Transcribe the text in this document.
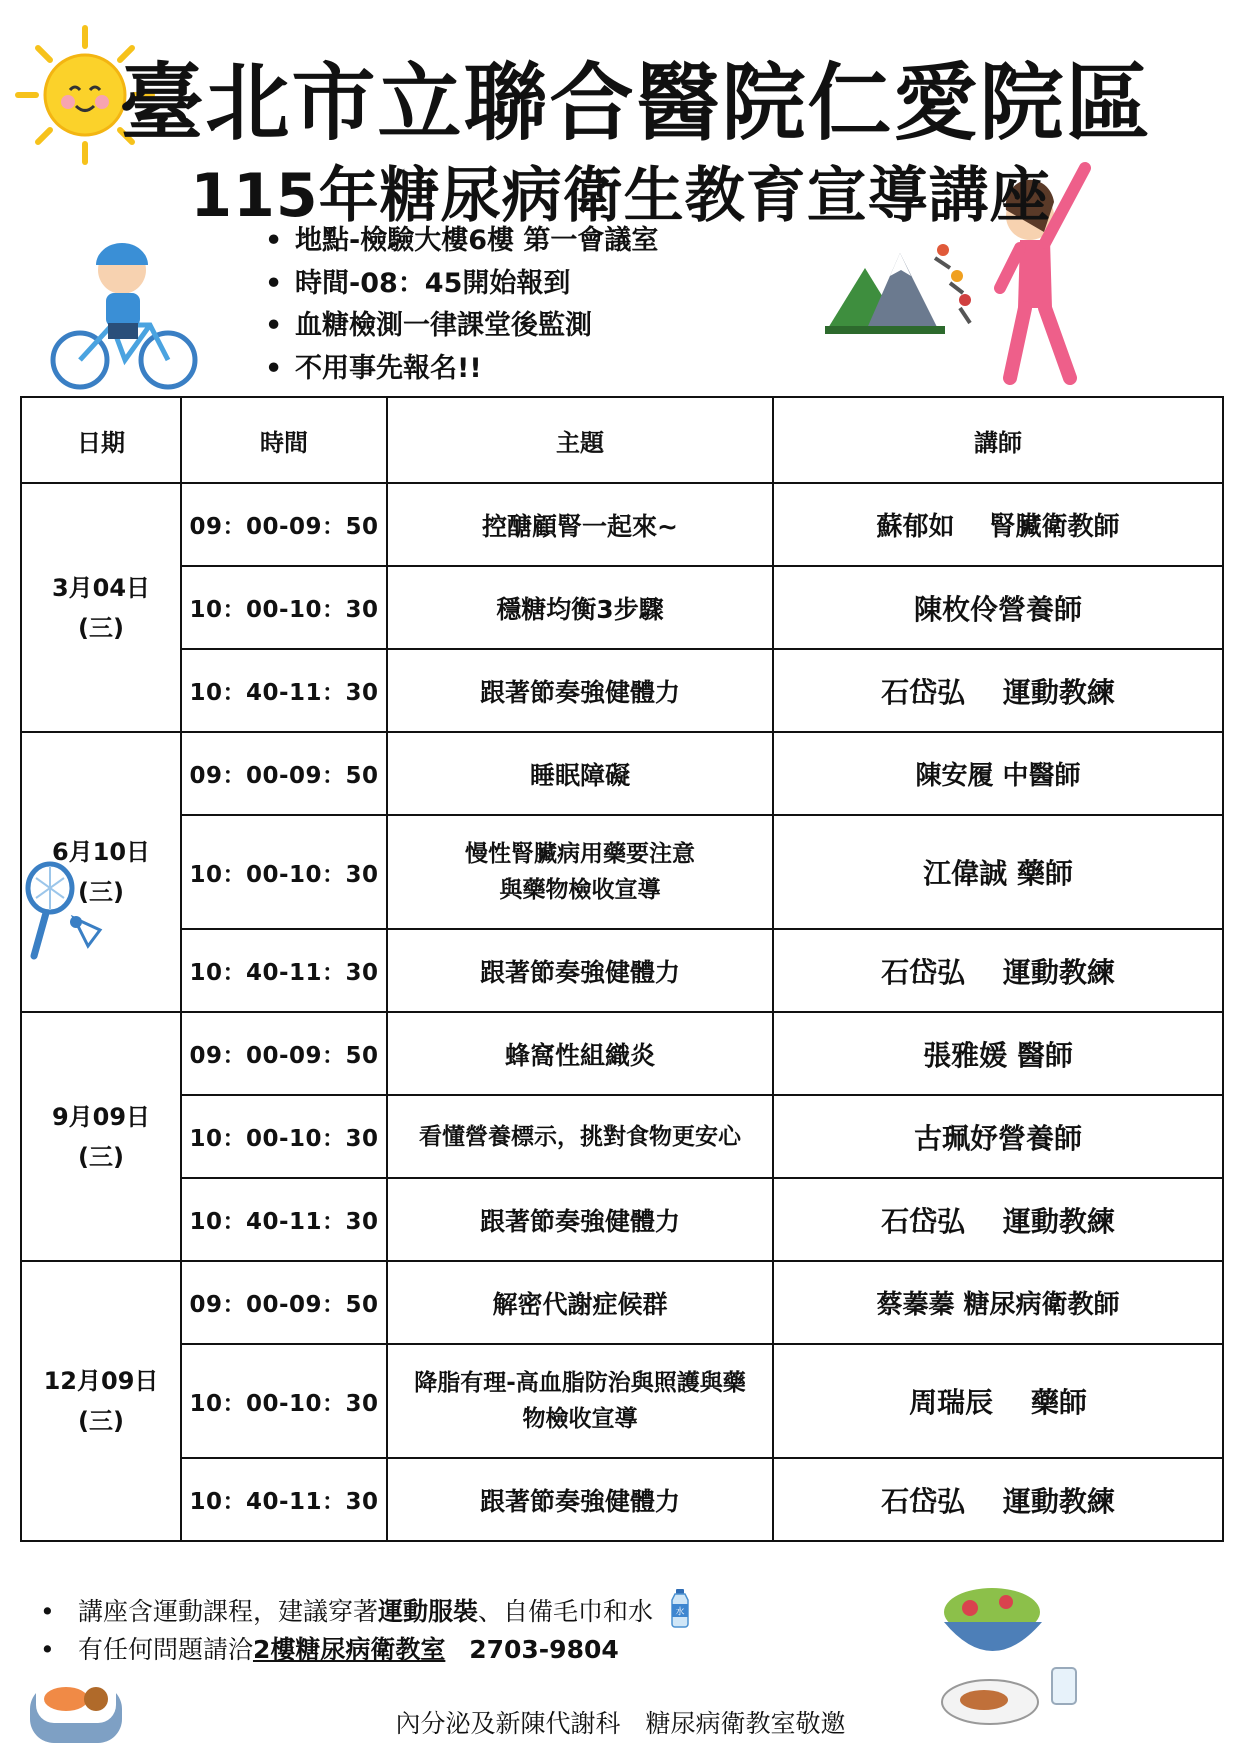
臺北市立聯合醫院仁愛院區
115年糖尿病衛生教育宣導講座
• 地點-檢驗大樓6樓 第一會議室
• 時間-08：45開始報到
• 血糖檢測一律課堂後監測
• 不用事先報名!!
日期	時間	主題	講師

3月04日
(三)	09：00-09：50	控醣顧腎一起來~	蘇郁如　 腎臟衛教師
	10：00-10：30	穩糖均衡3步驟	陳枚伶營養師
	10：40-11：30	跟著節奏強健體力	石岱弘　 運動教練

6月10日
(三)	09：00-09：50	睡眠障礙	陳安履 中醫師
	10：00-10：30	慢性腎臟病用藥要注意
與藥物檢收宣導	江偉誠 藥師
	10：40-11：30	跟著節奏強健體力	石岱弘　 運動教練

9月09日
(三)	09：00-09：50	蜂窩性組織炎	張雅媛 醫師
	10：00-10：30	看懂營養標示，挑對食物更安心	古珮妤營養師
	10：40-11：30	跟著節奏強健體力	石岱弘　 運動教練

12月09日
(三)	09：00-09：50	解密代謝症候群	蔡蓁蓁 糖尿病衛教師
	10：00-10：30	降脂有理-高血脂防治與照護與藥
物檢收宣導	周瑞辰　 藥師
	10：40-11：30	跟著節奏強健體力	石岱弘　 運動教練
• 講座含運動課程，建議穿著運動服裝、自備毛巾和水 水
• 有任何問題請洽2樓糖尿病衛教室 2703-9804
內分泌及新陳代謝科　糖尿病衛教室敬邀
